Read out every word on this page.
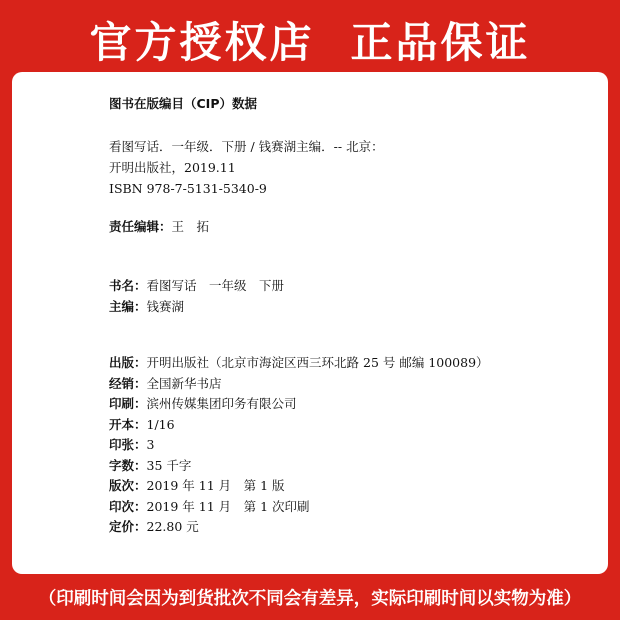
官方授权店 正品保证
图书在版编目（CIP）数据
看图写话．一年级．下册 / 钱赛湖主编．-- 北京：
开明出版社，2019.11
ISBN 978-7-5131-5340-9
责任编辑：王　拓
书名：看图写话　一年级　下册
主编：钱赛湖
出版：开明出版社（北京市海淀区西三环北路 25 号 邮编 100089）
经销：全国新华书店
印刷：滨州传媒集团印务有限公司
开本：1/16
印张：3
字数：35 千字
版次：2019 年 11 月　第 1 版
印次：2019 年 11 月　第 1 次印刷
定价：22.80 元
（印刷时间会因为到货批次不同会有差异，实际印刷时间以实物为准）
